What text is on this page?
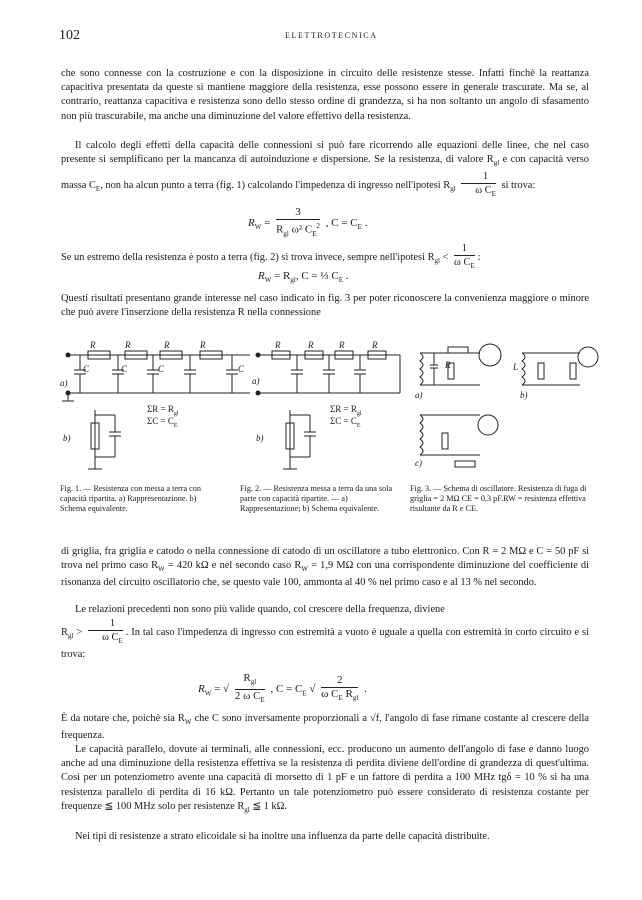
102	ELETTROTECNICA

che sono connesse con la costruzione e con la disposizione in circuito delle resistenze stesse. Infatti finchè la reattanza capacitiva presentata da queste si mantiene maggiore della resistenza, esse possono essere in generale trascurate. Ma se, al contrario, reattanza capacitiva e resistenza sono dello stesso ordine di grandezza, si ha non soltanto un angolo di sfasamento non più trascurabile, ma anche una diminuzione del valore effettivo della resistenza.

Il calcolo degli effetti della capacità delle connessioni si può fare ricorrendo alle equazioni delle linee, che nel caso presente si semplificano per la mancanza di autoinduzione e dispersione. Se la resistenza, di valore $R_{gl}$ e con capacità verso massa $C_E$, non ha alcun punto a terra (fig. 1) calcolando l'impedenza di ingresso nell'ipotesi $R_{gl} \frac{1}{\omega C_E}$ si trova:

$R_W = \frac{3}{R_{gl} \omega^2 C_E^2}$ , $C = C_E$ .

Se un estremo della resistenza è posto a terra (fig. 2) si trova invece, sempre nell'ipotesi $R_{gl} < \frac{1}{\omega C_E}$ :

$R_W = R_{gl}$, C = ⅓ $C_E$ .

Questi risultati presentano grande interesse nel caso indicato in fig. 3 per poter riconoscere la convenienza maggiore o minore che può avere l'inserzione della resistenza R nella connessione

a)
b)
R	R	R	R
C	C	C	C
$\Sigma R = R_{gl}$
$\Sigma C = C_E$
Fig. 1. — Resistenza con messa a terra con capacità ripartita. a) Rappresentazione. b) Schema equivalente.
a)
b)
R	R	R	R
$\Sigma R = R_{gl}$
$\Sigma C = C_E$
Fig. 2. — Resistenza messa a terra da una sola parte con capacità ripartite. — a) Rappresentazione; b) Schema equivalente.
a)	b)
c)
R	L
Fig. 3. — Schema di oscillatore. Resistenza di fuga di griglia = 2 MΩ CE = 0,3 pF.RW = resistenza effettiva risultante da R e CE.

di griglia, fra griglia e catodo o nella connessione di catodo di un oscillatore a tubo elettronico. Con R = 2 MΩ e C = 50 pF si trova nel primo caso $R_W = 420$ kΩ e nel secondo caso $R_W = 1,9$ MΩ con una corrispondente diminuzione del coefficiente di risonanza del circuito oscillatorio che, se questo vale 100, ammonta al 40 % nel primo caso e al 13 % nel secondo.

Le relazioni precedenti non sono più valide quando, col crescere della frequenza, diviene
$R_{gl} > \frac{1}{\omega C_E}$ . In tal caso l'impedenza di ingresso con estremità a vuoto è uguale a quella con estremità in corto circuito e si trova:

$R_W$ = √ $\frac{R_{gl}}{2 \omega C_E}$ , $C = C_E$ √ $\frac{2}{\omega C_E R_{gl}}$ .

È da notare che, poichè sia $R_W$ che C sono inversamente proporzionali a √f, l'angolo di fase rimane costante al crescere della frequenza.

Le capacità parallelo, dovute ai terminali, alle connessioni, ecc. producono un aumento dell'angolo di fase e danno luogo anche ad una diminuzione della resistenza effettiva se la resistenza di perdita diviene dell'ordine di grandezza di quest'ultima. Così per un potenziometro avente una capacità di morsetto di 1 pF e un fattore di perdita a 100 MHz tgδ = 10 % si ha una resistenza parallelo di perdita di 16 kΩ. Pertanto un tale potenziometro può essere considerato di resistenza costante per frequenze ≦ 100 MHz solo per resistenze $R_{gl}$ ≦ 1 kΩ.

Nei tipi di resistenze a strato elicoidale si ha inoltre una influenza da parte delle capacità distribuite.
